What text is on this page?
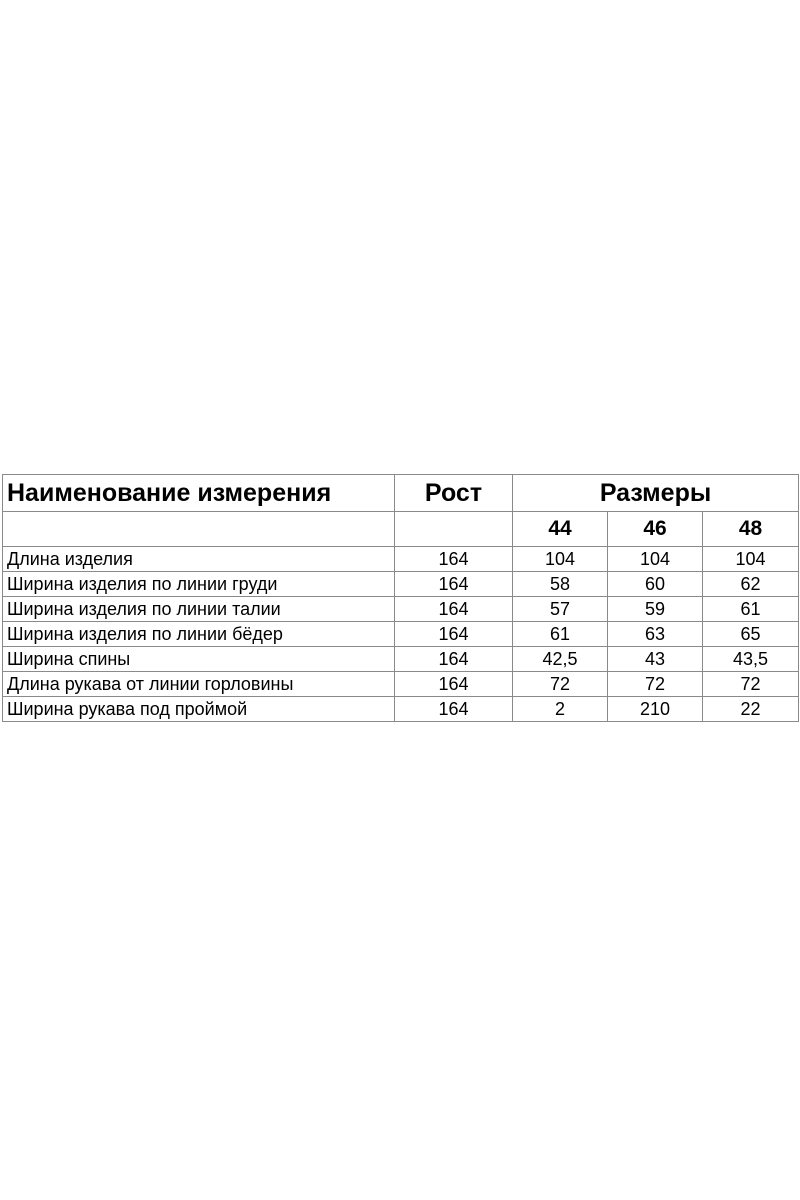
Наименование измерения	Рост	Размеры		
		44	46	48
Длина изделия	164	104	104	104
Ширина изделия по линии груди	164	58	60	62
Ширина изделия по линии талии	164	57	59	61
Ширина изделия по линии бёдер	164	61	63	65
Ширина спины	164	42,5	43	43,5
Длина рукава от линии горловины	164	72	72	72
Ширина рукава под проймой	164	2	210	22
